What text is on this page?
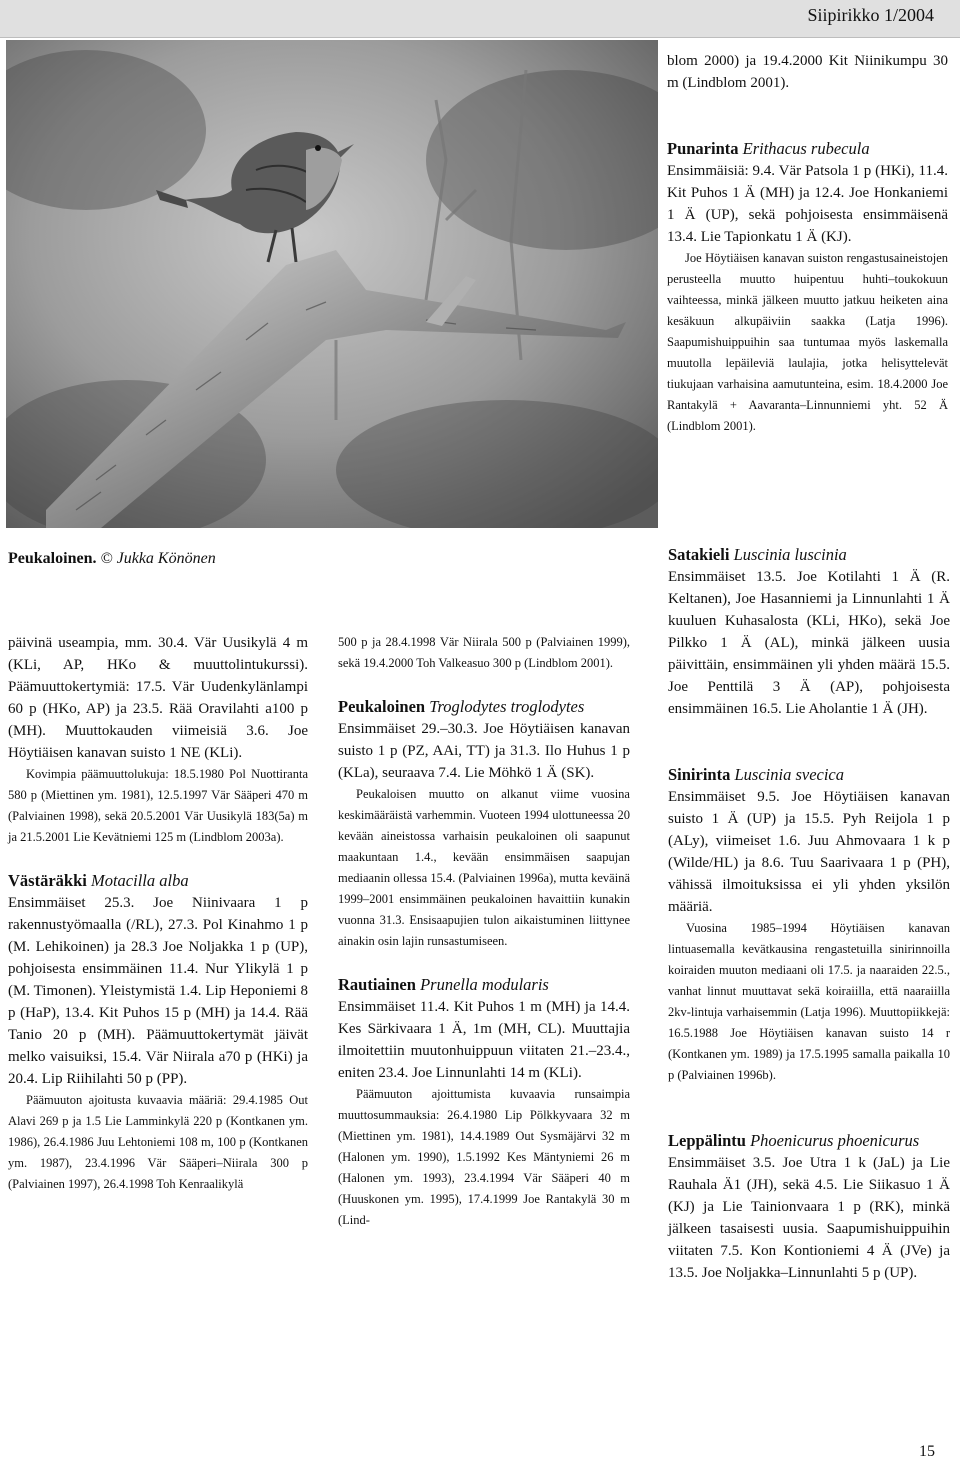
Siipirikko 1/2004
Peukaloinen. © Jukka Könönen

blom 2000) ja 19.4.2000 Kit Niinikumpu 30 m (Lindblom 2001).

Punarinta Erithacus rubecula

Ensimmäisiä: 9.4. Vär Patsola 1 p (HKi), 11.4. Kit Puhos 1 Ä (MH) ja 12.4. Joe Honkaniemi 1 Ä (UP), sekä pohjoisesta ensimmäisenä 13.4. Lie Tapionkatu 1 Ä (KJ).

Joe Höytiäisen kanavan suiston rengastusaineistojen perusteella muutto huipentuu huhti–toukokuun vaihteessa, minkä jälkeen muutto jatkuu heiketen aina kesäkuun alkupäiviin saakka (Latja 1996). Saapumishuippuihin saa tuntumaa myös laskemalla muutolla lepäileviä laulajia, jotka helisyttelevät tiukujaan varhaisina aamutunteina, esim. 18.4.2000 Joe Rantakylä + Aavaranta–Linnunniemi yht. 52 Ä (Lindblom 2001).

päivinä useampia, mm. 30.4. Vär Uusikylä 4 m (KLi, AP, HKo & muuttolintukurssi). Päämuuttokertymiä: 17.5. Vär Uudenkylänlampi 60 p (HKo, AP) ja 23.5. Rää Oravilahti a100 p (MH). Muuttokauden viimeisiä 3.6. Joe Höytiäisen kanavan suisto 1 NE (KLi).

Kovimpia päämuuttolukuja: 18.5.1980 Pol Nuottiranta 580 p (Miettinen ym. 1981), 12.5.1997 Vär Sääperi 470 m (Palviainen 1998), sekä 20.5.2001 Vär Uusikylä 183(5a) m ja 21.5.2001 Lie Kevätniemi 125 m (Lindblom 2003a).

Västäräkki Motacilla alba

Ensimmäiset 25.3. Joe Niinivaara 1 p rakennustyömaalla (/RL), 27.3. Pol Kinahmo 1 p (M. Lehikoinen) ja 28.3 Joe Noljakka 1 p (UP), pohjoisesta ensimmäinen 11.4. Nur Ylikylä 1 p (M. Timonen). Yleistymistä 1.4. Lip Heponiemi 8 p (HaP), 13.4. Kit Puhos 15 p (MH) ja 14.4. Rää Tanio 20 p (MH). Päämuuttokertymät jäivät melko vaisuiksi, 15.4. Vär Niirala a70 p (HKi) ja 20.4. Lip Riihilahti 50 p (PP).

Päämuuton ajoitusta kuvaavia määriä: 29.4.1985 Out Alavi 269 p ja 1.5 Lie Lamminkylä 220 p (Kontkanen ym. 1986), 26.4.1986 Juu Lehtoniemi 108 m, 100 p (Kontkanen ym. 1987), 23.4.1996 Vär Sääperi–Niirala 300 p (Palviainen 1997), 26.4.1998 Toh Kenraalikylä

500 p ja 28.4.1998 Vär Niirala 500 p (Palviainen 1999), sekä 19.4.2000 Toh Valkeasuo 300 p (Lindblom 2001).

Peukaloinen Troglodytes troglodytes

Ensimmäiset 29.–30.3. Joe Höytiäisen kanavan suisto 1 p (PZ, AAi, TT) ja 31.3. Ilo Huhus 1 p (KLa), seuraava 7.4. Lie Möhkö 1 Ä (SK).

Peukaloisen muutto on alkanut viime vuosina keskimääräistä varhemmin. Vuoteen 1994 ulottuneessa 20 kevään aineistossa varhaisin peukaloinen oli saapunut maakuntaan 1.4., kevään ensimmäisen saapujan mediaanin ollessa 15.4. (Palviainen 1996a), mutta keväinä 1999–2001 ensimmäinen peukaloinen havaittiin kunakin vuonna 31.3. Ensisaapujien tulon aikaistuminen liittynee ainakin osin lajin runsastumiseen.

Rautiainen Prunella modularis

Ensimmäiset 11.4. Kit Puhos 1 m (MH) ja 14.4. Kes Särkivaara 1 Ä, 1m (MH, CL). Muuttajia ilmoitettiin muutonhuippuun viitaten 21.–23.4., eniten 23.4. Joe Linnunlahti 14 m (KLi).

Päämuuton ajoittumista kuvaavia runsaimpia muuttosummauksia: 26.4.1980 Lip Pölkkyvaara 32 m (Miettinen ym. 1981), 14.4.1989 Out Sysmäjärvi 32 m (Halonen ym. 1990), 1.5.1992 Kes Mäntyniemi 26 m (Halonen ym. 1993), 23.4.1994 Vär Sääperi 40 m (Huuskonen ym. 1995), 17.4.1999 Joe Rantakylä 30 m (Lind-

Satakieli Luscinia luscinia

Ensimmäiset 13.5. Joe Kotilahti 1 Ä (R. Keltanen), Joe Hasanniemi ja Linnunlahti 1 Ä kuuluen Kuhasalosta (KLi, HKo), sekä Joe Pilkko 1 Ä (AL), minkä jälkeen uusia päivittäin, ensimmäinen yli yhden määrä 15.5. Joe Penttilä 3 Ä (AP), pohjoisesta ensimmäinen 16.5. Lie Aholantie 1 Ä (JH).

Sinirinta Luscinia svecica

Ensimmäiset 9.5. Joe Höytiäisen kanavan suisto 1 Ä (UP) ja 15.5. Pyh Reijola 1 p (ALy), viimeiset 1.6. Juu Ahmovaara 1 k p (Wilde/HL) ja 8.6. Tuu Saarivaara 1 p (PH), vähissä ilmoituksissa ei yli yhden yksilön määriä.

Vuosina 1985–1994 Höytiäisen kanavan lintuasemalla kevätkausina rengastetuilla sinirinnoilla koiraiden muuton mediaani oli 17.5. ja naaraiden 22.5., vanhat linnut muuttavat sekä koiraiilla, että naaraiilla 2kv-lintuja varhaisemmin (Latja 1996). Muuttopiikkejä: 16.5.1988 Joe Höytiäisen kanavan suisto 14 r (Kontkanen ym. 1989) ja 17.5.1995 samalla paikalla 10 p (Palviainen 1996b).

Leppälintu Phoenicurus phoenicurus

Ensimmäiset 3.5. Joe Utra 1 k (JaL) ja Lie Rauhala Ä1 (JH), sekä 4.5. Lie Siikasuo 1 Ä (KJ) ja Lie Tainionvaara 1 p (RK), minkä jälkeen tasaisesti uusia. Saapumishuippuihin viitaten 7.5. Kon Kontioniemi 4 Ä (JVe) ja 13.5. Joe Noljakka–Linnunlahti 5 p (UP).

15
